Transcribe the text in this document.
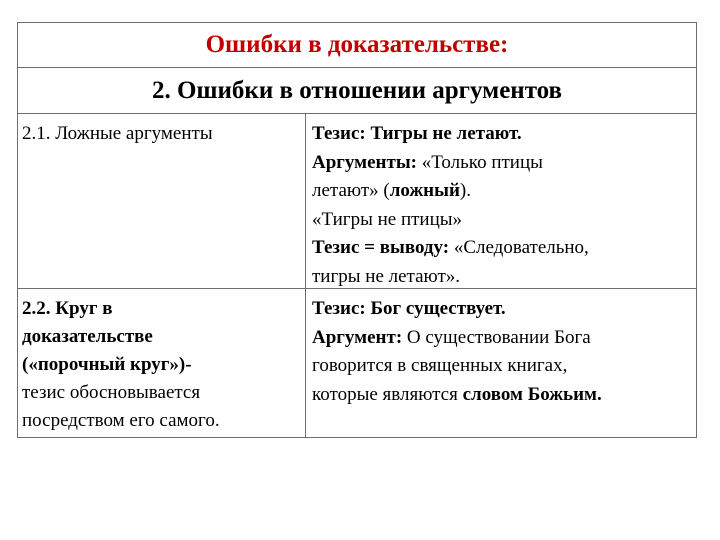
Ошибки в доказательстве:
2. Ошибки в отношении аргументов
2.1. Ложные аргументы	Тезис: Тигры не летают.
Аргументы: «Только птицы
летают» (ложный).
«Тигры не птицы»
Тезис = выводу: «Следовательно,
тигры не летают».
2.2. Круг в
доказательстве
(«порочный круг»)-
тезис обосновывается
посредством его самого.
Тезис: Бог существует.
Аргумент: О существовании Бога
говорится в священных книгах,
которые являются словом Божьим.
